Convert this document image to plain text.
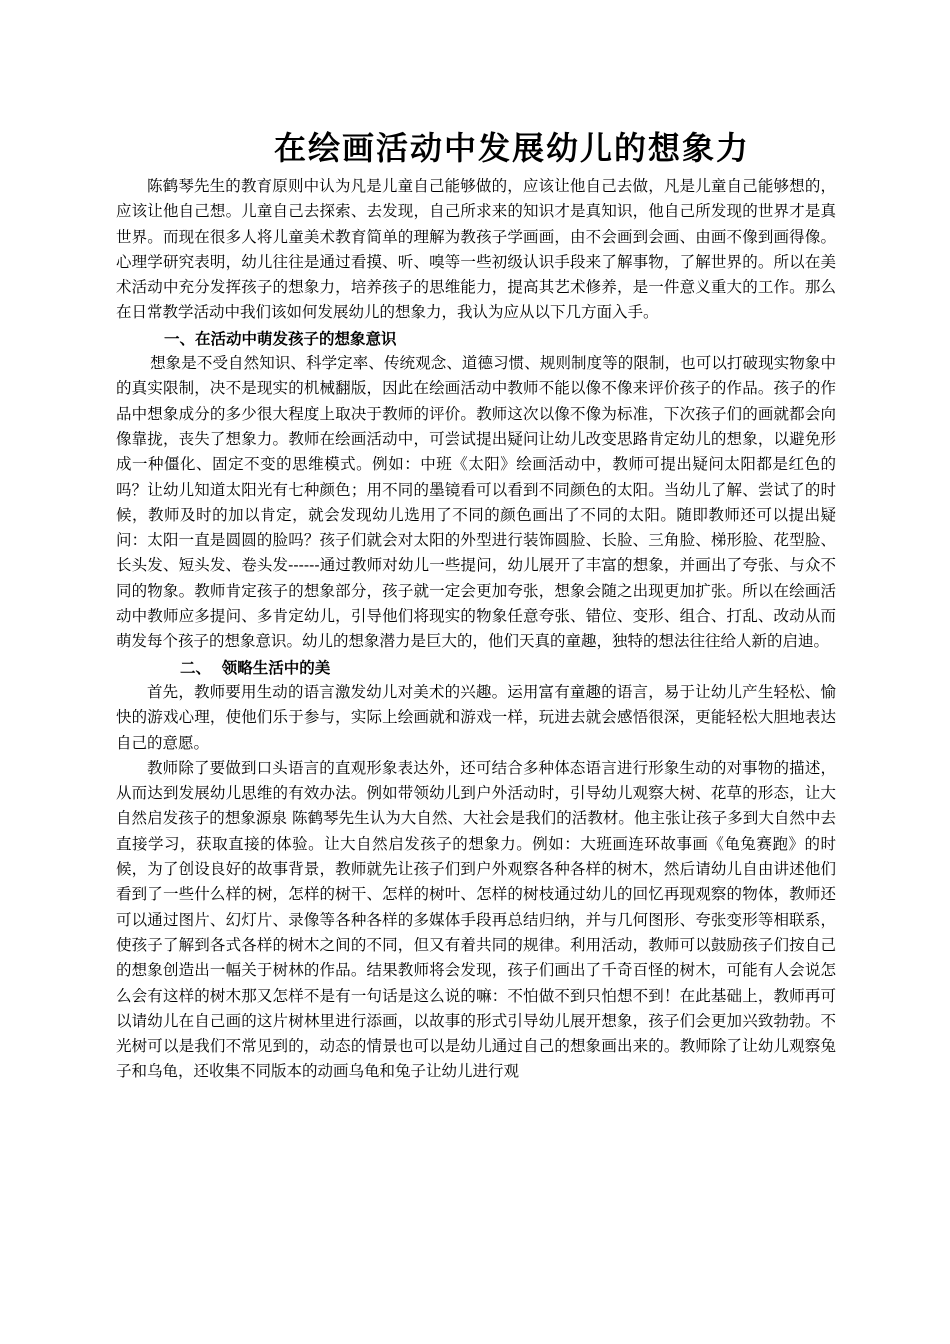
在绘画活动中发展幼儿的想象力

陈鹤琴先生的教育原则中认为凡是儿童自己能够做的，应该让他自己去做，凡是儿童自己能够想的，应该让他自己想。儿童自己去探索、去发现，自己所求来的知识才是真知识，他自己所发现的世界才是真世界。而现在很多人将儿童美术教育简单的理解为教孩子学画画，由不会画到会画、由画不像到画得像。心理学研究表明，幼儿往往是通过看摸、听、嗅等一些初级认识手段来了解事物，了解世界的。所以在美术活动中充分发挥孩子的想象力，培养孩子的思维能力，提高其艺术修养，是一件意义重大的工作。那么在日常教学活动中我们该如何发展幼儿的想象力，我认为应从以下几方面入手。

一、在活动中萌发孩子的想象意识

想象是不受自然知识、科学定率、传统观念、道德习惯、规则制度等的限制，也可以打破现实物象中的真实限制，决不是现实的机械翻版，因此在绘画活动中教师不能以像不像来评价孩子的作品。孩子的作品中想象成分的多少很大程度上取决于教师的评价。教师这次以像不像为标准，下次孩子们的画就都会向像靠拢，丧失了想象力。教师在绘画活动中，可尝试提出疑问让幼儿改变思路肯定幼儿的想象，以避免形成一种僵化、固定不变的思维模式。例如：中班《太阳》绘画活动中，教师可提出疑问太阳都是红色的吗？让幼儿知道太阳光有七种颜色；用不同的墨镜看可以看到不同颜色的太阳。当幼儿了解、尝试了的时候，教师及时的加以肯定，就会发现幼儿选用了不同的颜色画出了不同的太阳。随即教师还可以提出疑问：太阳一直是圆圆的脸吗？孩子们就会对太阳的外型进行装饰圆脸、长脸、三角脸、梯形脸、花型脸、长头发、短头发、卷头发------通过教师对幼儿一些提问，幼儿展开了丰富的想象，并画出了夸张、与众不同的物象。教师肯定孩子的想象部分，孩子就一定会更加夸张，想象会随之出现更加扩张。所以在绘画活动中教师应多提问、多肯定幼儿，引导他们将现实的物象任意夸张、错位、变形、组合、打乱、改动从而萌发每个孩子的想象意识。幼儿的想象潜力是巨大的，他们天真的童趣，独特的想法往往给人新的启迪。

二、  领略生活中的美

首先，教师要用生动的语言激发幼儿对美术的兴趣。运用富有童趣的语言，易于让幼儿产生轻松、愉快的游戏心理，使他们乐于参与，实际上绘画就和游戏一样，玩进去就会感悟很深，更能轻松大胆地表达自己的意愿。

教师除了要做到口头语言的直观形象表达外，还可结合多种体态语言进行形象生动的对事物的描述，从而达到发展幼儿思维的有效办法。例如带领幼儿到户外活动时，引导幼儿观察大树、花草的形态，让大自然启发孩子的想象源泉 陈鹤琴先生认为大自然、大社会是我们的活教材。他主张让孩子多到大自然中去直接学习，获取直接的体验。让大自然启发孩子的想象力。例如：大班画连环故事画《龟兔赛跑》的时候，为了创设良好的故事背景，教师就先让孩子们到户外观察各种各样的树木，然后请幼儿自由讲述他们看到了一些什么样的树，怎样的树干、怎样的树叶、怎样的树枝通过幼儿的回忆再现观察的物体，教师还可以通过图片、幻灯片、录像等各种各样的多媒体手段再总结归纳，并与几何图形、夸张变形等相联系，使孩子了解到各式各样的树木之间的不同，但又有着共同的规律。利用活动，教师可以鼓励孩子们按自己的想象创造出一幅关于树林的作品。结果教师将会发现，孩子们画出了千奇百怪的树木，可能有人会说怎么会有这样的树木那又怎样不是有一句话是这么说的嘛：不怕做不到只怕想不到！在此基础上，教师再可以请幼儿在自己画的这片树林里进行添画，以故事的形式引导幼儿展开想象，孩子们会更加兴致勃勃。不光树可以是我们不常见到的，动态的情景也可以是幼儿通过自己的想象画出来的。教师除了让幼儿观察兔子和乌龟，还收集不同版本的动画乌龟和兔子让幼儿进行观
